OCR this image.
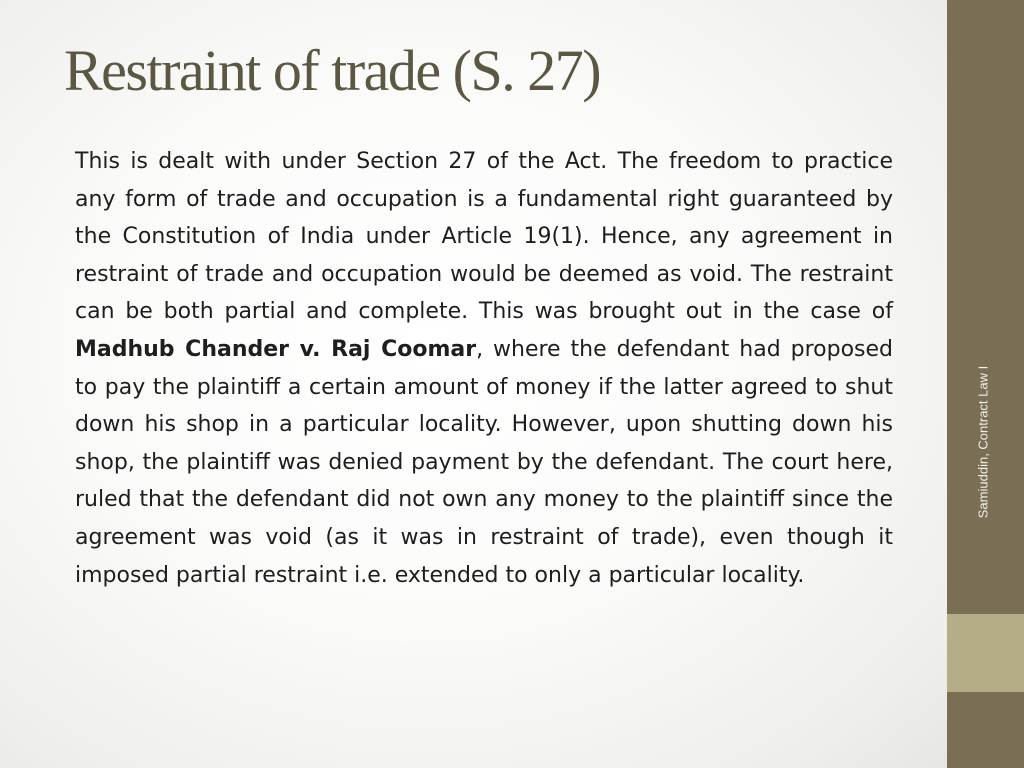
Restraint of trade (S. 27)

This is dealt with under Section 27 of the Act. The freedom to practice any form of trade and occupation is a fundamental right guaranteed by the Constitution of India under Article 19(1). Hence, any agreement in restraint of trade and occupation would be deemed as void. The restraint can be both partial and complete. This was brought out in the case of Madhub Chander v. Raj Coomar, where the defendant had proposed to pay the plaintiff a certain amount of money if the latter agreed to shut down his shop in a particular locality. However, upon shutting down his shop, the plaintiff was denied payment by the defendant. The court here, ruled that the defendant did not own any money to the plaintiff since the agreement was void (as it was in restraint of trade), even though it imposed partial restraint i.e. extended to only a particular locality.

Samiuddin, Contract Law I
